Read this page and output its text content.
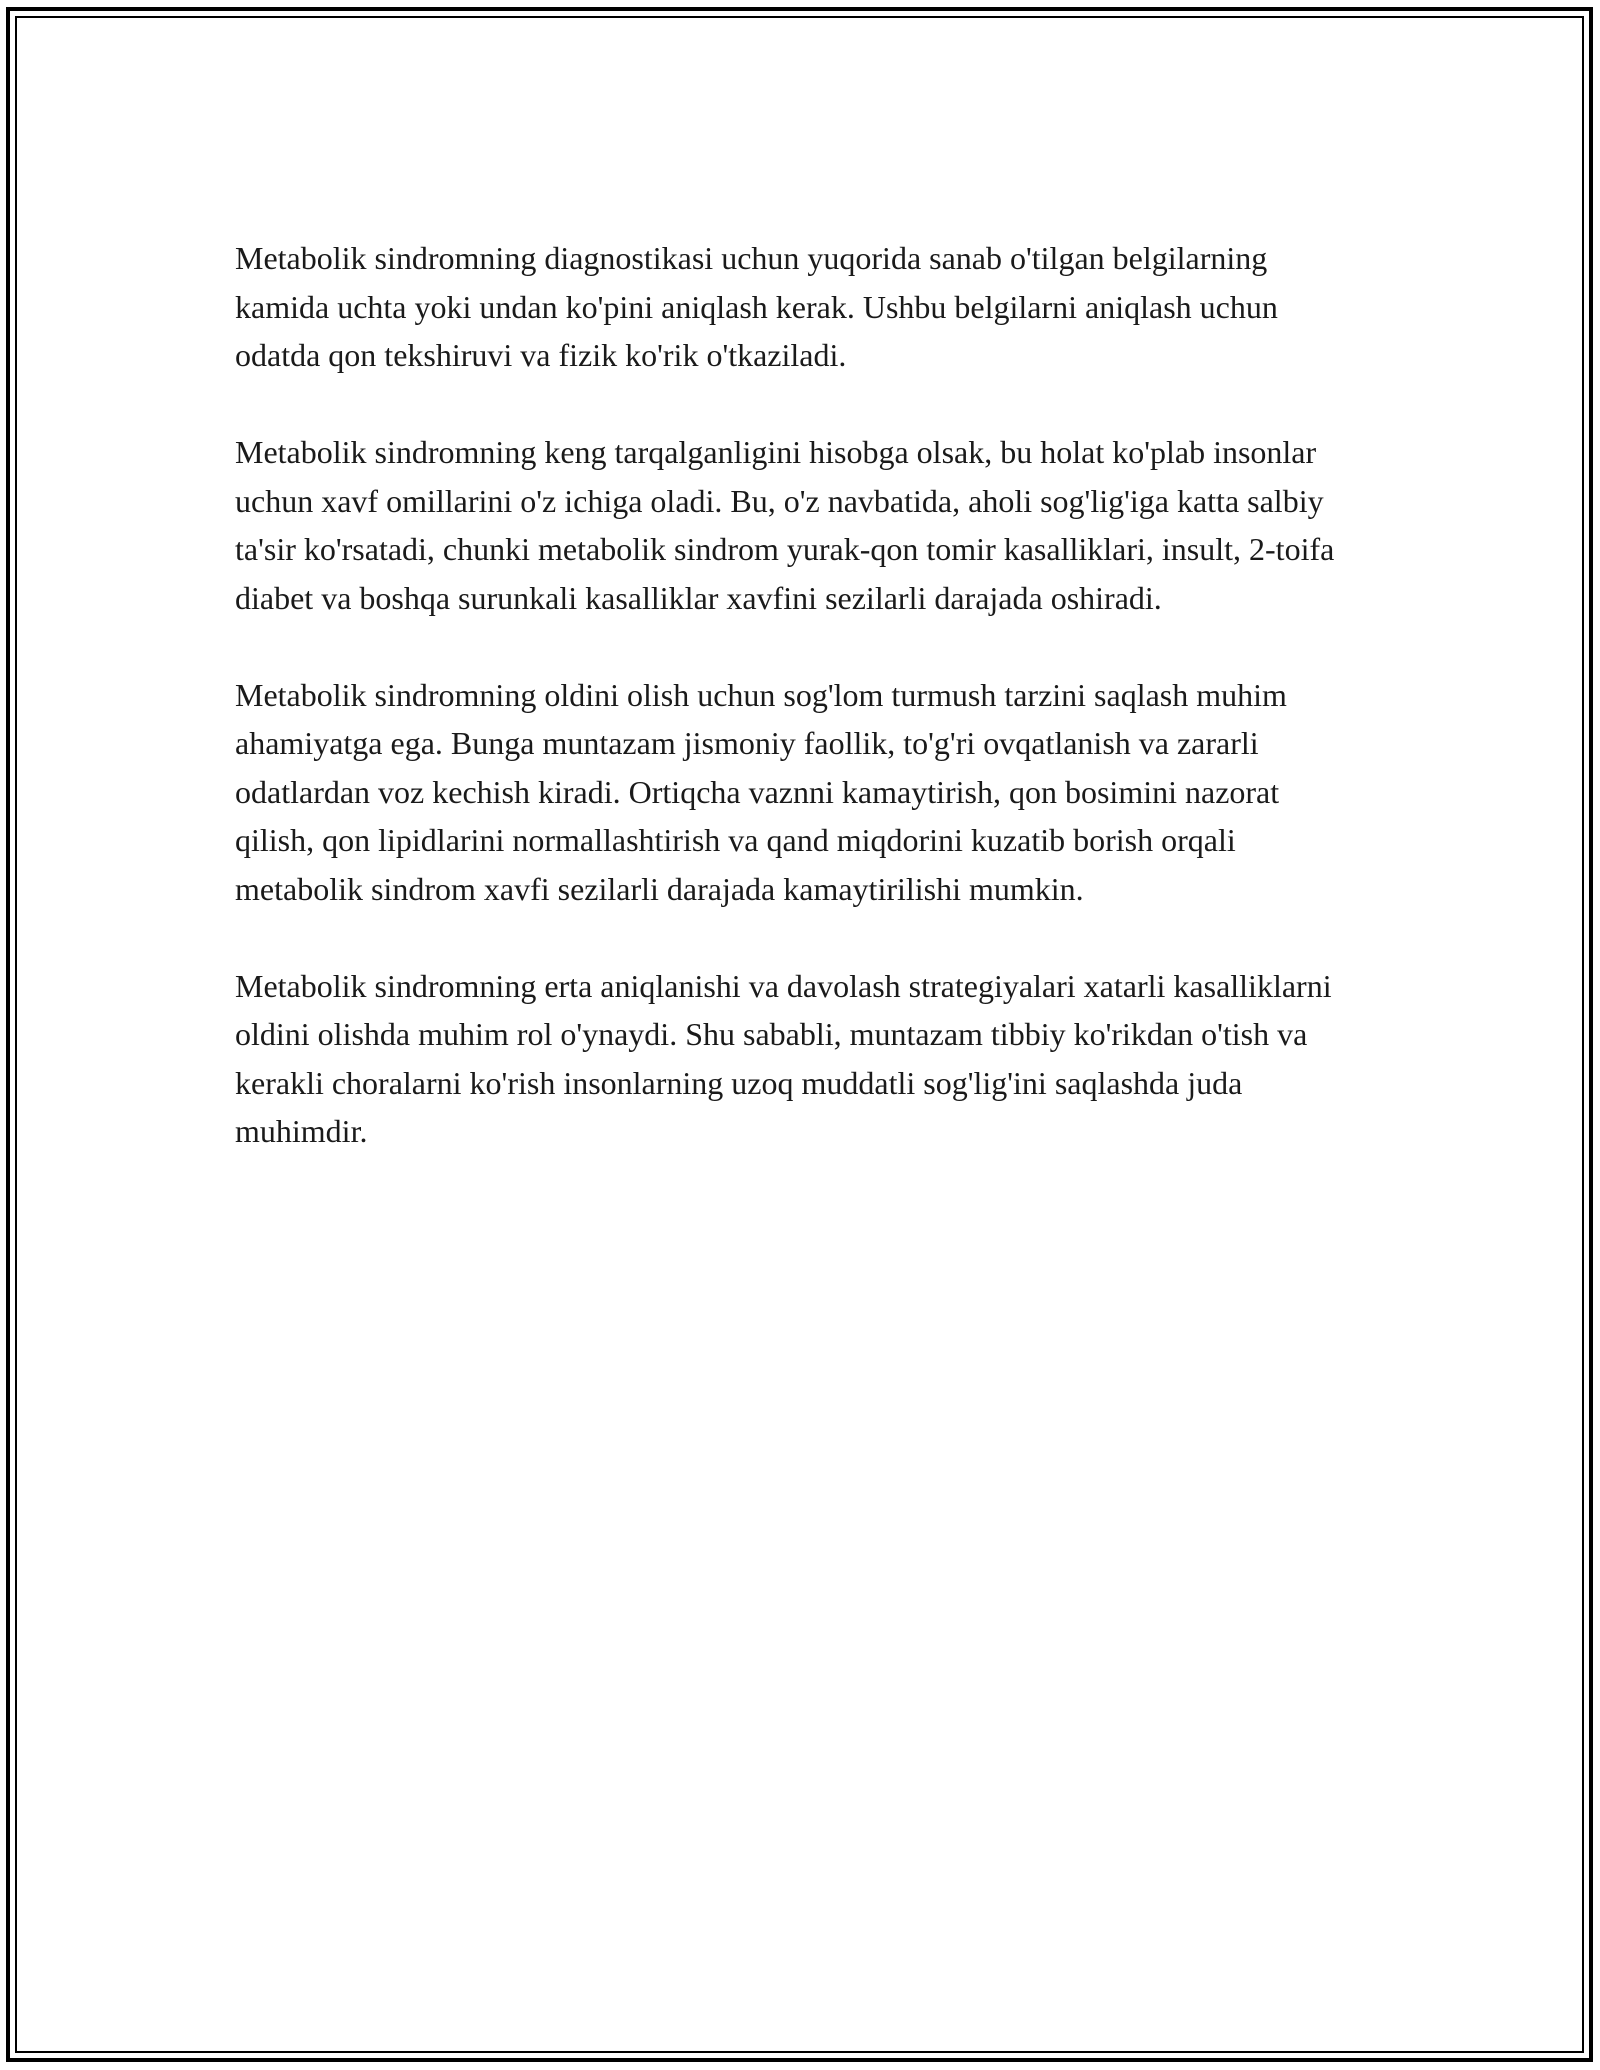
Metabolik sindromning diagnostikasi uchun yuqorida sanab o'tilgan belgilarning kamida uchta yoki undan ko'pini aniqlash kerak. Ushbu belgilarni aniqlash uchun odatda qon tekshiruvi va fizik ko'rik o'tkaziladi.

Metabolik sindromning keng tarqalganligini hisobga olsak, bu holat ko'plab insonlar uchun xavf omillarini o'z ichiga oladi. Bu, o'z navbatida, aholi sog'lig'iga katta salbiy ta'sir ko'rsatadi, chunki metabolik sindrom yurak-qon tomir kasalliklari, insult, 2-toifa diabet va boshqa surunkali kasalliklar xavfini sezilarli darajada oshiradi.

Metabolik sindromning oldini olish uchun sog'lom turmush tarzini saqlash muhim ahamiyatga ega. Bunga muntazam jismoniy faollik, to'g'ri ovqatlanish va zararli odatlardan voz kechish kiradi. Ortiqcha vaznni kamaytirish, qon bosimini nazorat qilish, qon lipidlarini normallashtirish va qand miqdorini kuzatib borish orqali metabolik sindrom xavfi sezilarli darajada kamaytirilishi mumkin.

Metabolik sindromning erta aniqlanishi va davolash strategiyalari xatarli kasalliklarni oldini olishda muhim rol o'ynaydi. Shu sababli, muntazam tibbiy ko'rikdan o'tish va kerakli choralarni ko'rish insonlarning uzoq muddatli sog'lig'ini saqlashda juda muhimdir.
